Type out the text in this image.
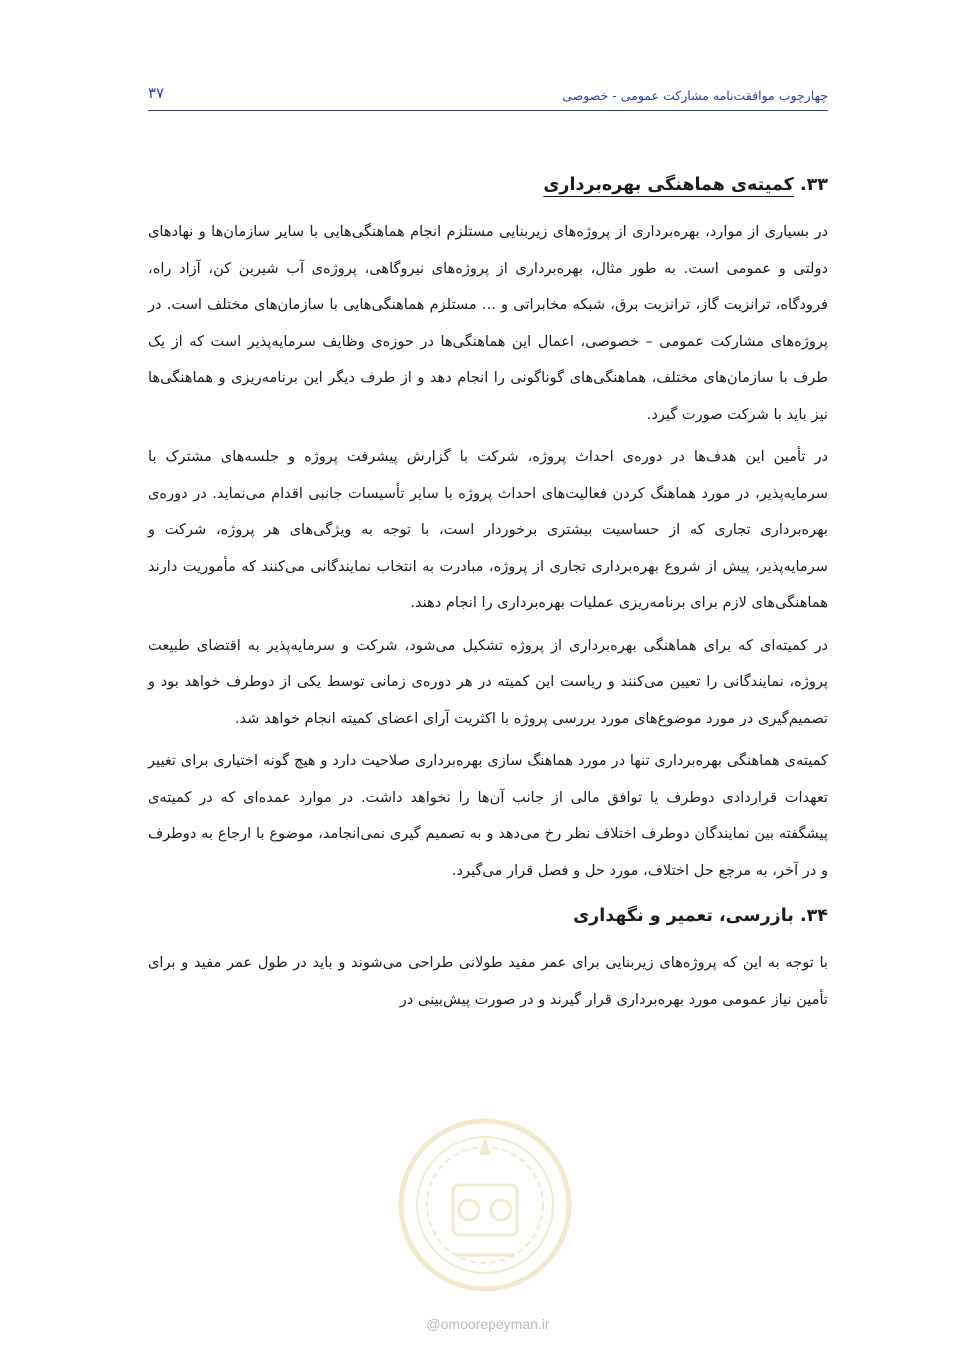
چهارچوب موافقت‌نامه مشارکت عمومی - خصوصی
۳۷
۳۳. کمیته‌ی هماهنگی بهره‌برداری

در بسیاری از موارد، بهره‌برداری از پروژه‌های زیربنایی مستلزم انجام هماهنگی‌هایی با سایر سازمان‌ها و نهادهای دولتی و عمومی است. به طور مثال، بهره‌برداری از پروژه‌های نیروگاهی، پروژه‌ی آب شیرین کن، آزاد راه، فرودگاه، ترانزیت گاز، ترانزیت برق، شبکه مخابراتی و ... مستلزم هماهنگی‌هایی با سازمان‌های مختلف است. در پروژه‌های مشارکت عمومی – خصوصی، اعمال این هماهنگی‌ها در حوزه‌ی وظایف سرمایه‌پذیر است که از یک طرف با سازمان‌های مختلف، هماهنگی‌های گوناگونی را انجام دهد و از طرف دیگر این برنامه‌ریزی و هماهنگی‌ها نیز باید با شرکت صورت گیرد.

در تأمین این هدف‌ها در دوره‌ی احداث پروژه، شرکت با گزارش پیشرفت پروژه و جلسه‌های مشترک با سرمایه‌پذیر، در مورد هماهنگ کردن فعالیت‌های احداث پروژه با سایر تأسیسات جانبی اقدام می‌نماید. در دوره‌ی بهره‌برداری تجاری که از حساسیت بیشتری برخوردار است، با توجه به ویژگی‌های هر پروژه، شرکت و سرمایه‌پذیر، پیش از شروع بهره‌برداری تجاری از پروژه، مبادرت به انتخاب نمایندگانی می‌کنند که مأموریت دارند هماهنگی‌های لازم برای برنامه‌ریزی عملیات بهره‌برداری را انجام دهند.

در کمیته‌ای که برای هماهنگی بهره‌برداری از پروژه تشکیل می‌شود، شرکت و سرمایه‌پذیر به اقتضای طبیعت پروژه، نمایندگانی را تعیین می‌کنند و ریاست این کمیته در هر دوره‌ی زمانی توسط یکی از دوطرف خواهد بود و تصمیم‌گیری در مورد موضوع‌های مورد بررسی پروژه با اکثریت آرای اعضای کمیته انجام خواهد شد.

کمیته‌ی هماهنگی بهره‌برداری تنها در مورد هماهنگ سازی بهره‌برداری صلاحیت دارد و هیچ گونه اختیاری برای تغییر تعهدات قراردادی دوطرف یا توافق مالی از جانب آن‌ها را نخواهد داشت. در موارد عمده‌ای که در کمیته‌ی پیشگفته بین نمایندگان دوطرف اختلاف نظر رخ می‌دهد و به تصمیم گیری نمی‌انجامد، موضوع با ارجاع به دوطرف و در آخر، به مرجع حل اختلاف، مورد حل و فصل قرار می‌گیرد.

۳۴. بازرسی، تعمیر و نگهداری

با توجه به این که پروژه‌های زیربنایی برای عمر مفید طولانی طراحی می‌شوند و باید در طول عمر مفید و برای تأمین نیاز عمومی مورد بهره‌برداری قرار گیرند و در صورت پیش‌بینی در

@omoorepeyman.ir
